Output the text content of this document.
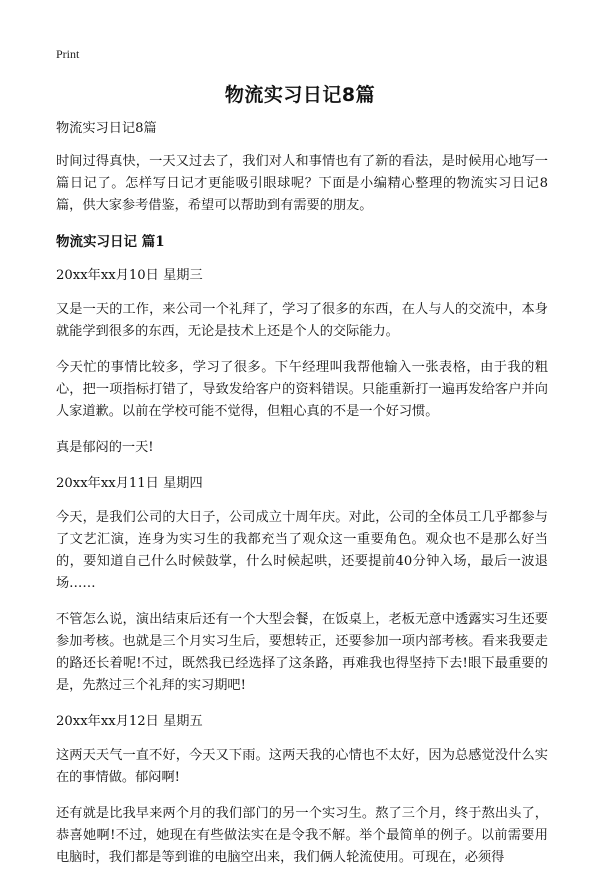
Print
物流实习日记8篇

物流实习日记8篇

时间过得真快，一天又过去了，我们对人和事情也有了新的看法，是时候用心地写一篇日记了。怎样写日记才更能吸引眼球呢？下面是小编精心整理的物流实习日记8篇，供大家参考借鉴，希望可以帮助到有需要的朋友。

物流实习日记 篇1

20xx年xx月10日 星期三

又是一天的工作，来公司一个礼拜了，学习了很多的东西，在人与人的交流中，本身就能学到很多的东西，无论是技术上还是个人的交际能力。

今天忙的事情比较多，学习了很多。下午经理叫我帮他输入一张表格，由于我的粗心，把一项指标打错了，导致发给客户的资料错误。只能重新打一遍再发给客户并向人家道歉。以前在学校可能不觉得，但粗心真的不是一个好习惯。

真是郁闷的一天!

20xx年xx月11日 星期四

今天，是我们公司的大日子，公司成立十周年庆。对此，公司的全体员工几乎都参与了文艺汇演，连身为实习生的我都充当了观众这一重要角色。观众也不是那么好当的，要知道自己什么时候鼓掌，什么时候起哄，还要提前40分钟入场，最后一波退场……

不管怎么说，演出结束后还有一个大型会餐，在饭桌上，老板无意中透露实习生还要参加考核。也就是三个月实习生后，要想转正，还要参加一项内部考核。看来我要走的路还长着呢!不过，既然我已经选择了这条路，再难我也得坚持下去!眼下最重要的是，先熬过三个礼拜的实习期吧!

20xx年xx月12日 星期五

这两天天气一直不好，今天又下雨。这两天我的心情也不太好，因为总感觉没什么实在的事情做。郁闷啊!

还有就是比我早来两个月的我们部门的另一个实习生。熬了三个月，终于熬出头了，恭喜她啊!不过，她现在有些做法实在是令我不解。举个最简单的例子。以前需要用电脑时，我们都是等到谁的电脑空出来，我们俩人轮流使用。可现在，必须得
